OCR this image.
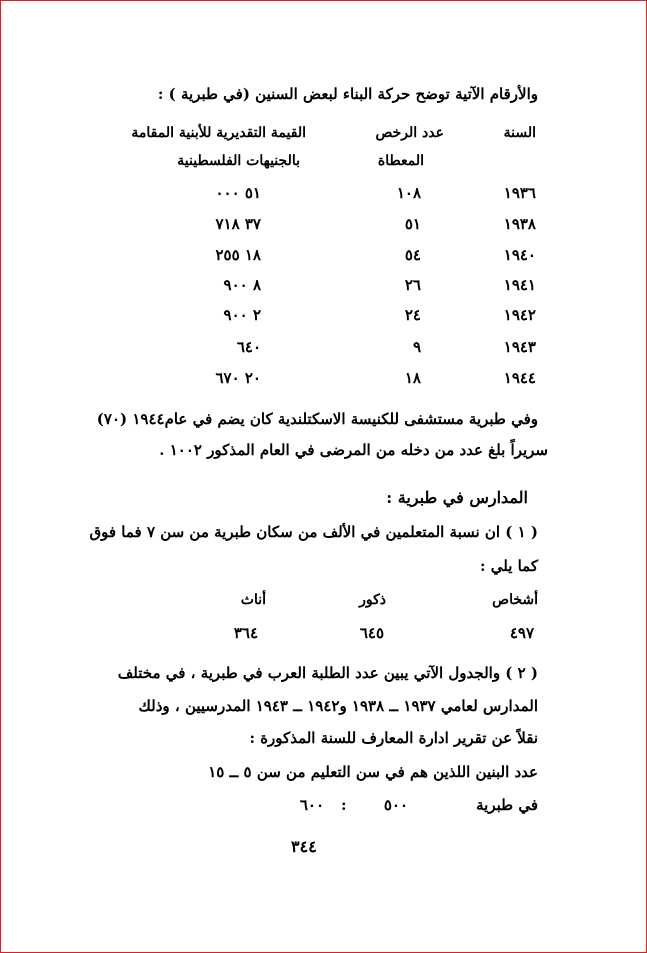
والأرقام الآتية توضح حركة البناء لبعض السنين (في طبرية ) :
السنة
عدد الرخص
المعطاة
القيمة التقديرية للأبنية المقامة
بالجنيهات الفلسطينية
١٩٣٦
١٠٨
٥١ ٠٠٠
١٩٣٨
٥١
٣٧ ٧١٨
١٩٤٠
٥٤
١٨ ٢٥٥
١٩٤١
٢٦
٨ ٩٠٠
١٩٤٢
٢٤
٢ ٩٠٠
١٩٤٣
٩
٦٤٠
١٩٤٤
١٨
٢٠ ٦٧٠
وفي طبرية مستشفى للكنيسة الاسكتلندية كان يضم في عام١٩٤٤ (٧٠)
سريراً بلغ عدد من دخله من المرضى في العام المذكور ١٠٠٢ .
المدارس في طبرية :
( ١ ) ان نسبة المتعلمين في الألف من سكان طبرية من سن ٧ فما فوق
كما يلي :
أشخاص
ذكور
أناث
٤٩٧
٦٤٥
٣٦٤
( ٢ ) والجدول الآتي يبين عدد الطلبة العرب في طبرية ، في مختلف
المدارس لعامي ١٩٣٧ ــ ١٩٣٨ و١٩٤٢ ــ ١٩٤٣ المدرسيين ، وذلك
نقلاً عن تقرير ادارة المعارف للسنة المذكورة :
عدد البنين اللذين هم في سن التعليم من سن ٥ ــ ١٥
في طبرية
: ٥٠٠
٦٠٠
٣٤٤
